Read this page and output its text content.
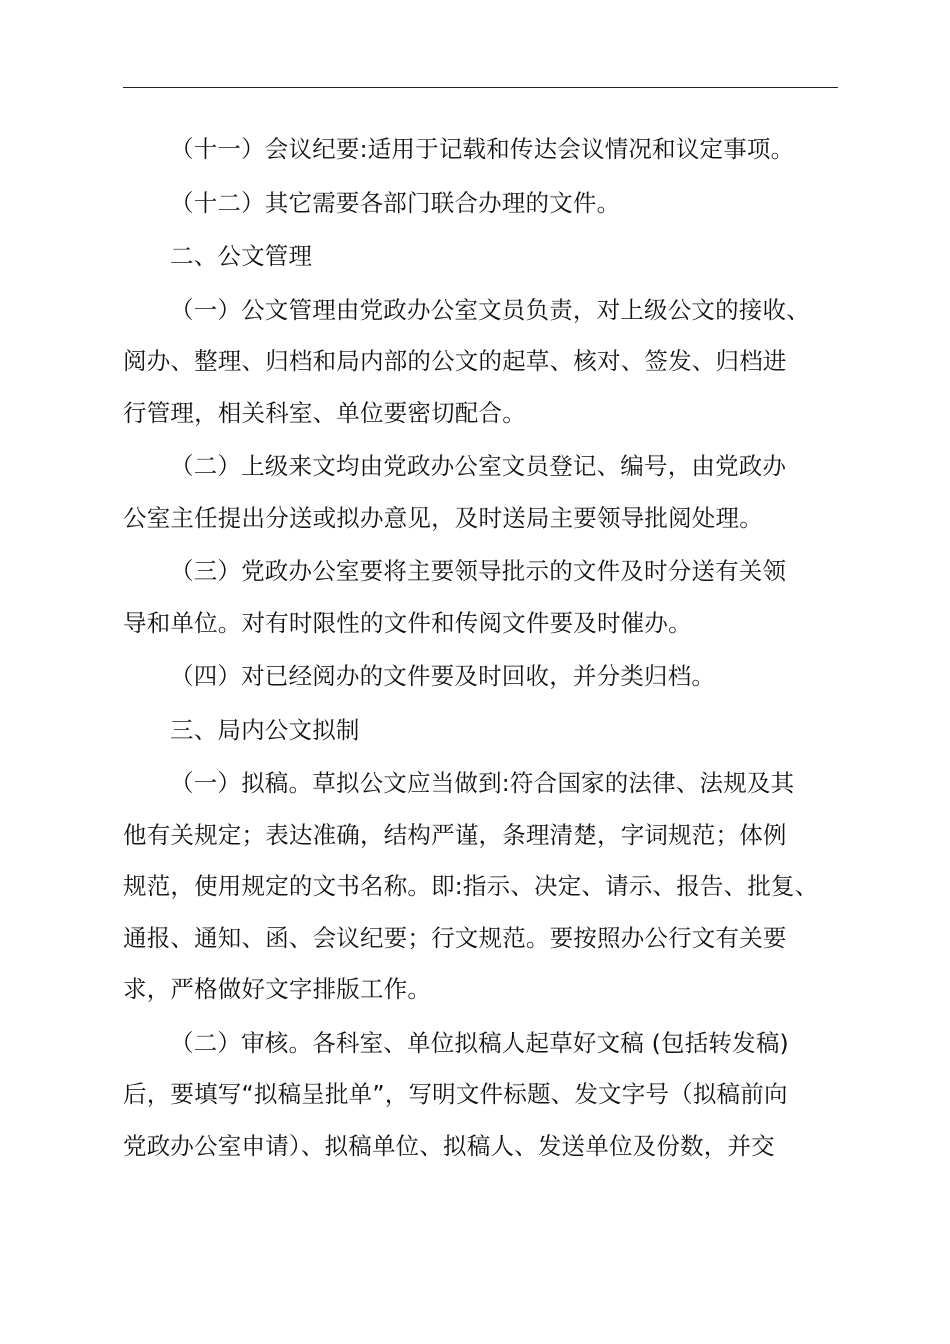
（十一）会议纪要:适用于记载和传达会议情况和议定事项。

（十二）其它需要各部门联合办理的文件。

二、公文管理

（一）公文管理由党政办公室文员负责，对上级公文的接收、
阅办、整理、归档和局内部的公文的起草、核对、签发、归档进
行管理，相关科室、单位要密切配合。

（二）上级来文均由党政办公室文员登记、编号，由党政办
公室主任提出分送或拟办意见，及时送局主要领导批阅处理。

（三）党政办公室要将主要领导批示的文件及时分送有关领
导和单位。对有时限性的文件和传阅文件要及时催办。

（四）对已经阅办的文件要及时回收，并分类归档。

三、局内公文拟制

（一）拟稿。草拟公文应当做到:符合国家的法律、法规及其
他有关规定；表达准确，结构严谨，条理清楚，字词规范；体例
规范，使用规定的文书名称。即:指示、决定、请示、报告、批复、
通报、通知、函、会议纪要；行文规范。要按照办公行文有关要
求，严格做好文字排版工作。

（二）审核。各科室、单位拟稿人起草好文稿 (包括转发稿)
后，要填写“拟稿呈批单”，写明文件标题、发文字号（拟稿前向
党政办公室申请）、拟稿单位、拟稿人、发送单位及份数，并交
